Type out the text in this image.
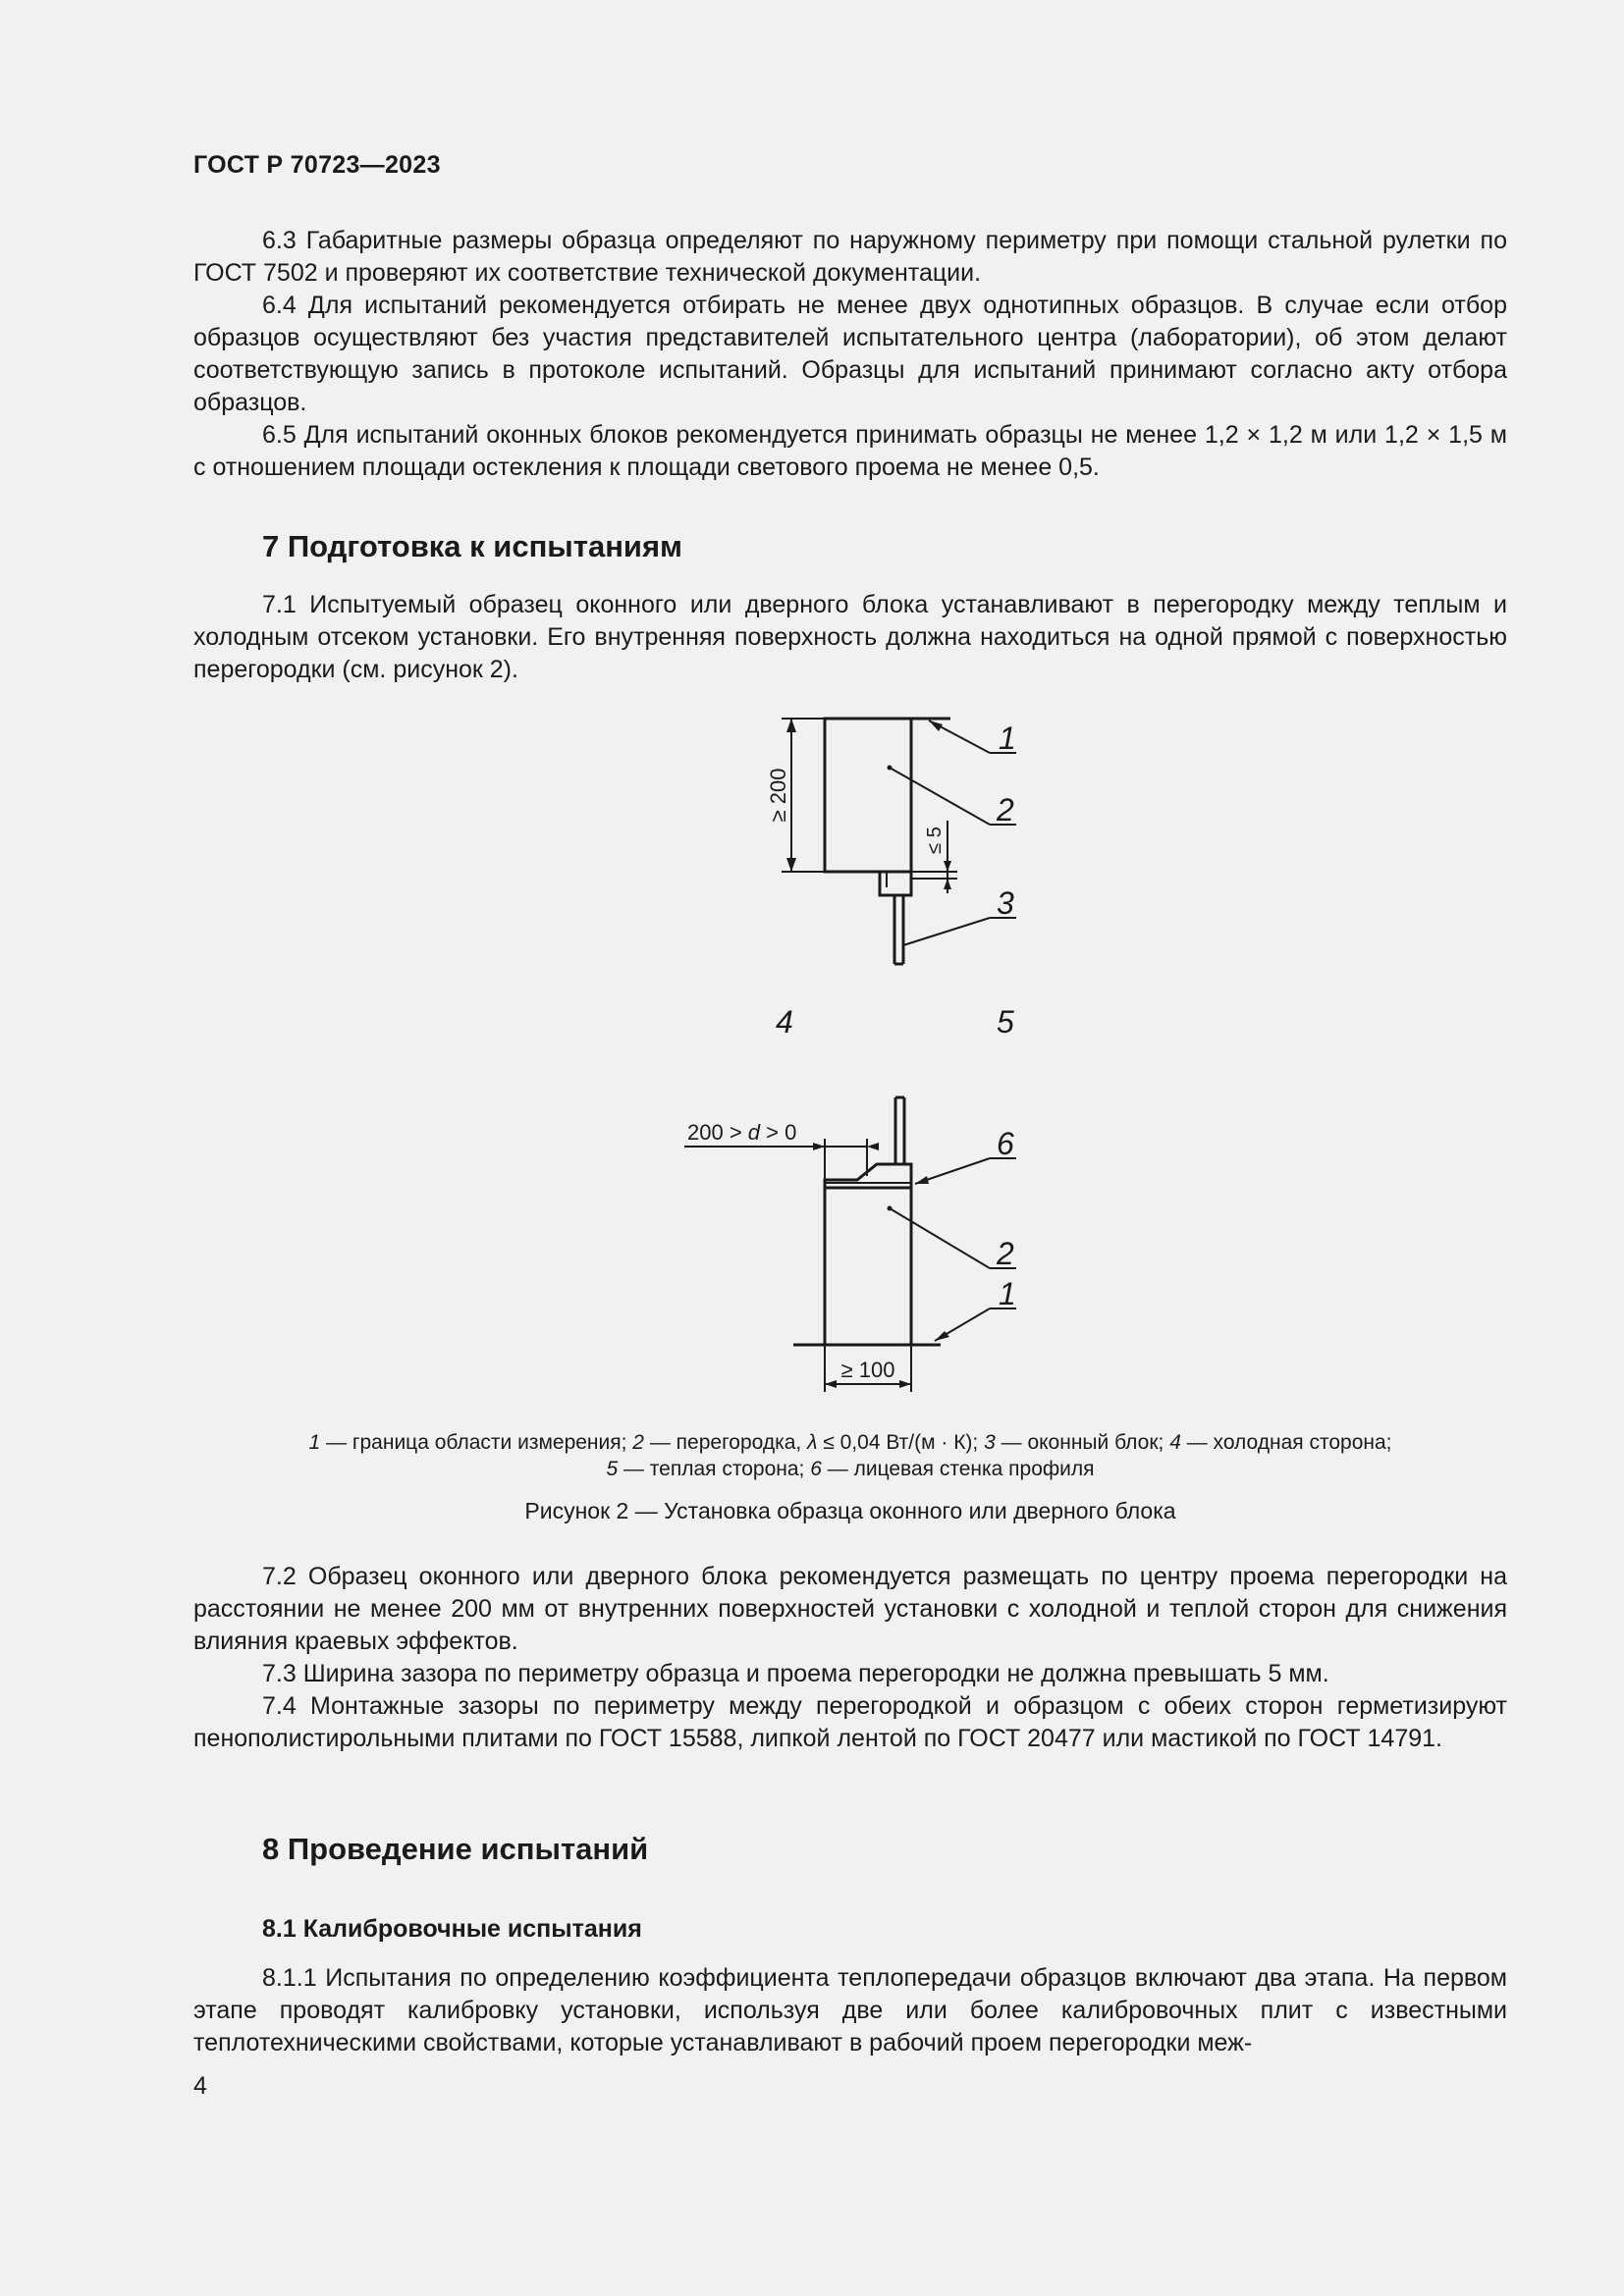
ГОСТ Р 70723—2023

6.3 Габаритные размеры образца определяют по наружному периметру при помощи стальной рулетки по ГОСТ 7502 и проверяют их соответствие технической документации.

6.4 Для испытаний рекомендуется отбирать не менее двух однотипных образцов. В случае если отбор образцов осуществляют без участия представителей испытательного центра (лаборатории), об этом делают соответствующую запись в протоколе испытаний. Образцы для испытаний принимают согласно акту отбора образцов.

6.5 Для испытаний оконных блоков рекомендуется принимать образцы не менее 1,2 × 1,2 м или 1,2 × 1,5 м с отношением площади остекления к площади светового проема не менее 0,5.

7 Подготовка к испытаниям

7.1 Испытуемый образец оконного или дверного блока устанавливают в перегородку между теплым и холодным отсеком установки. Его внутренняя поверхность должна находиться на одной прямой с поверхностью перегородки (см. рисунок 2).

≥ 200
≤ 5
1
2
3
4	5
6
2
1
200 > d > 0
≥ 100
1 — граница области измерения; 2 — перегородка, λ ≤ 0,04 Вт/(м · К); 3 — оконный блок; 4 — холодная сторона;
5 — теплая сторона; 6 — лицевая стенка профиля
Рисунок 2 — Установка образца оконного или дверного блока

7.2 Образец оконного или дверного блока рекомендуется размещать по центру проема перегородки на расстоянии не менее 200 мм от внутренних поверхностей установки с холодной и теплой сторон для снижения влияния краевых эффектов.

7.3 Ширина зазора по периметру образца и проема перегородки не должна превышать 5 мм.

7.4 Монтажные зазоры по периметру между перегородкой и образцом с обеих сторон герметизируют пенополистирольными плитами по ГОСТ 15588, липкой лентой по ГОСТ 20477 или мастикой по ГОСТ 14791.

8 Проведение испытаний
8.1 Калибровочные испытания

8.1.1 Испытания по определению коэффициента теплопередачи образцов включают два этапа. На первом этапе проводят калибровку установки, используя две или более калибровочных плит с известными теплотехническими свойствами, которые устанавливают в рабочий проем перегородки меж-

4
